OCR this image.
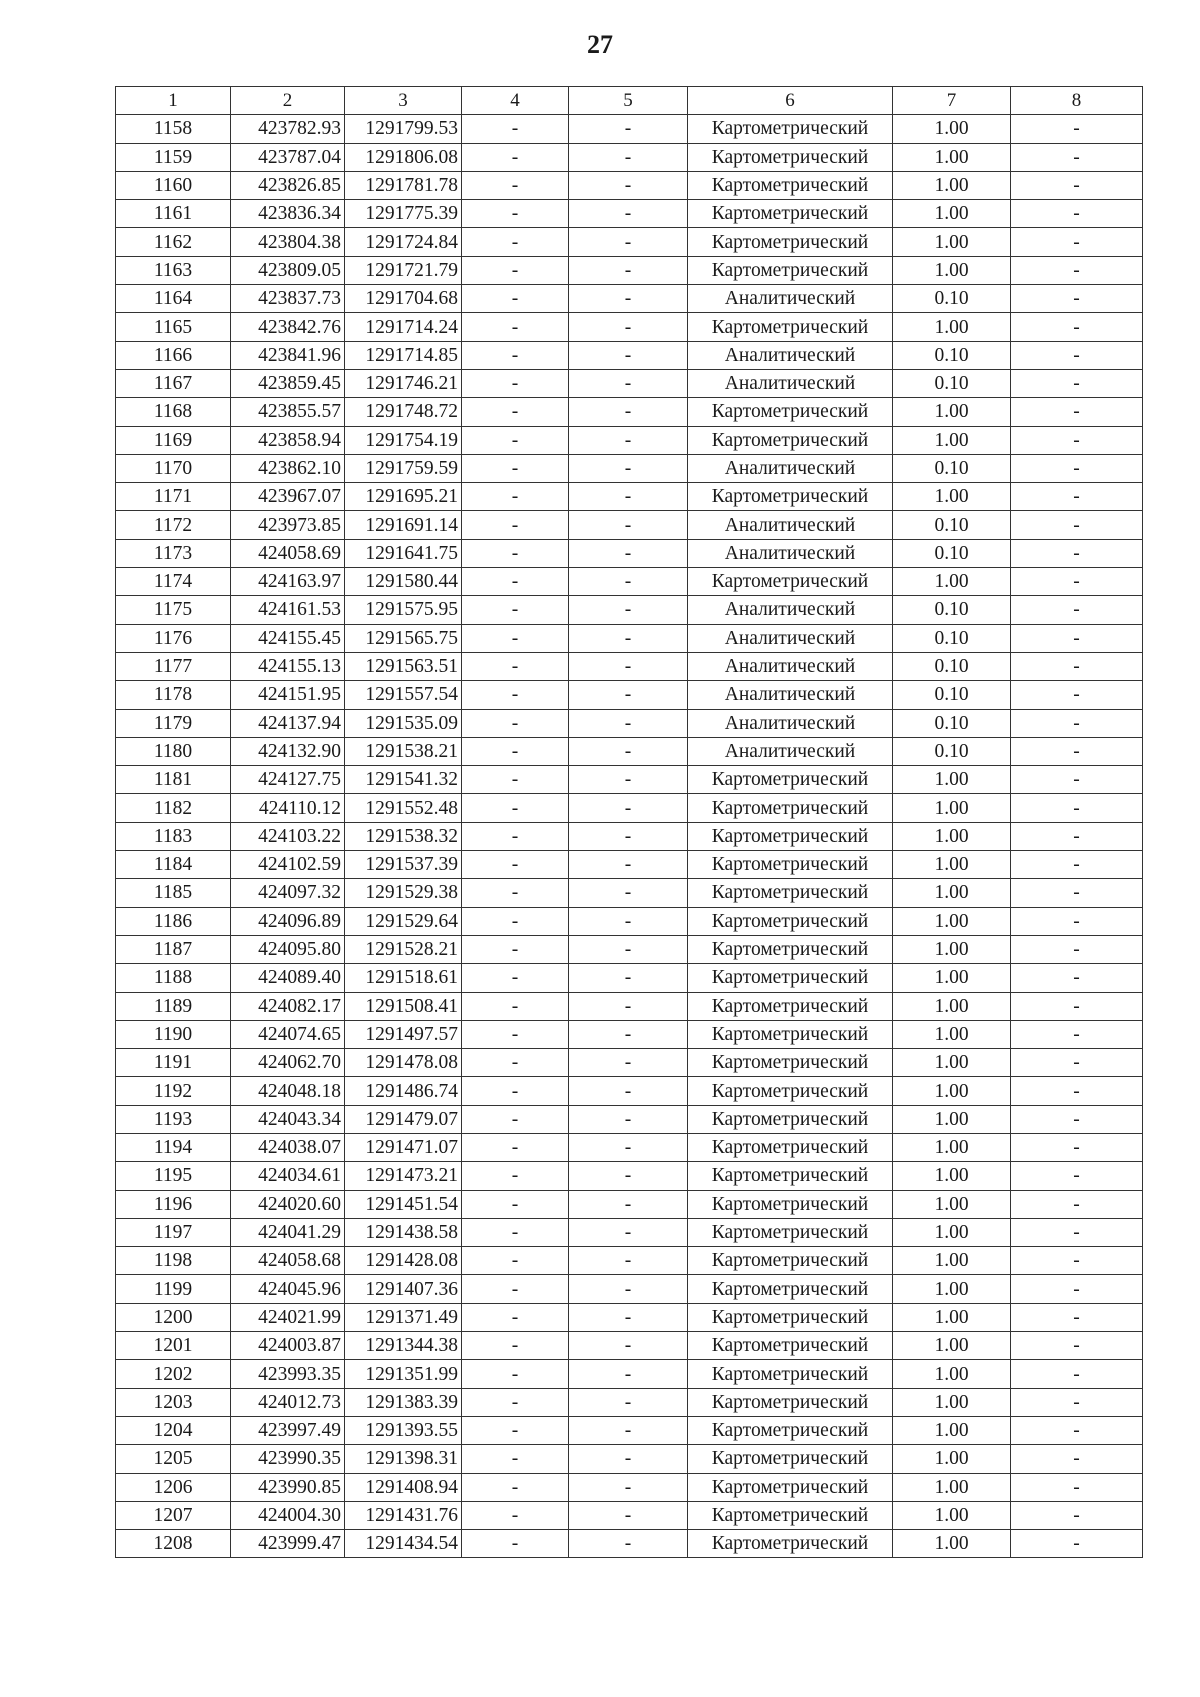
27
1	2	3	4	5	6	7	8
1158	423782.93	1291799.53	-	-	Картометрический	1.00	-
1159	423787.04	1291806.08	-	-	Картометрический	1.00	-
1160	423826.85	1291781.78	-	-	Картометрический	1.00	-
1161	423836.34	1291775.39	-	-	Картометрический	1.00	-
1162	423804.38	1291724.84	-	-	Картометрический	1.00	-
1163	423809.05	1291721.79	-	-	Картометрический	1.00	-
1164	423837.73	1291704.68	-	-	Аналитический	0.10	-
1165	423842.76	1291714.24	-	-	Картометрический	1.00	-
1166	423841.96	1291714.85	-	-	Аналитический	0.10	-
1167	423859.45	1291746.21	-	-	Аналитический	0.10	-
1168	423855.57	1291748.72	-	-	Картометрический	1.00	-
1169	423858.94	1291754.19	-	-	Картометрический	1.00	-
1170	423862.10	1291759.59	-	-	Аналитический	0.10	-
1171	423967.07	1291695.21	-	-	Картометрический	1.00	-
1172	423973.85	1291691.14	-	-	Аналитический	0.10	-
1173	424058.69	1291641.75	-	-	Аналитический	0.10	-
1174	424163.97	1291580.44	-	-	Картометрический	1.00	-
1175	424161.53	1291575.95	-	-	Аналитический	0.10	-
1176	424155.45	1291565.75	-	-	Аналитический	0.10	-
1177	424155.13	1291563.51	-	-	Аналитический	0.10	-
1178	424151.95	1291557.54	-	-	Аналитический	0.10	-
1179	424137.94	1291535.09	-	-	Аналитический	0.10	-
1180	424132.90	1291538.21	-	-	Аналитический	0.10	-
1181	424127.75	1291541.32	-	-	Картометрический	1.00	-
1182	424110.12	1291552.48	-	-	Картометрический	1.00	-
1183	424103.22	1291538.32	-	-	Картометрический	1.00	-
1184	424102.59	1291537.39	-	-	Картометрический	1.00	-
1185	424097.32	1291529.38	-	-	Картометрический	1.00	-
1186	424096.89	1291529.64	-	-	Картометрический	1.00	-
1187	424095.80	1291528.21	-	-	Картометрический	1.00	-
1188	424089.40	1291518.61	-	-	Картометрический	1.00	-
1189	424082.17	1291508.41	-	-	Картометрический	1.00	-
1190	424074.65	1291497.57	-	-	Картометрический	1.00	-
1191	424062.70	1291478.08	-	-	Картометрический	1.00	-
1192	424048.18	1291486.74	-	-	Картометрический	1.00	-
1193	424043.34	1291479.07	-	-	Картометрический	1.00	-
1194	424038.07	1291471.07	-	-	Картометрический	1.00	-
1195	424034.61	1291473.21	-	-	Картометрический	1.00	-
1196	424020.60	1291451.54	-	-	Картометрический	1.00	-
1197	424041.29	1291438.58	-	-	Картометрический	1.00	-
1198	424058.68	1291428.08	-	-	Картометрический	1.00	-
1199	424045.96	1291407.36	-	-	Картометрический	1.00	-
1200	424021.99	1291371.49	-	-	Картометрический	1.00	-
1201	424003.87	1291344.38	-	-	Картометрический	1.00	-
1202	423993.35	1291351.99	-	-	Картометрический	1.00	-
1203	424012.73	1291383.39	-	-	Картометрический	1.00	-
1204	423997.49	1291393.55	-	-	Картометрический	1.00	-
1205	423990.35	1291398.31	-	-	Картометрический	1.00	-
1206	423990.85	1291408.94	-	-	Картометрический	1.00	-
1207	424004.30	1291431.76	-	-	Картометрический	1.00	-
1208	423999.47	1291434.54	-	-	Картометрический	1.00	-
